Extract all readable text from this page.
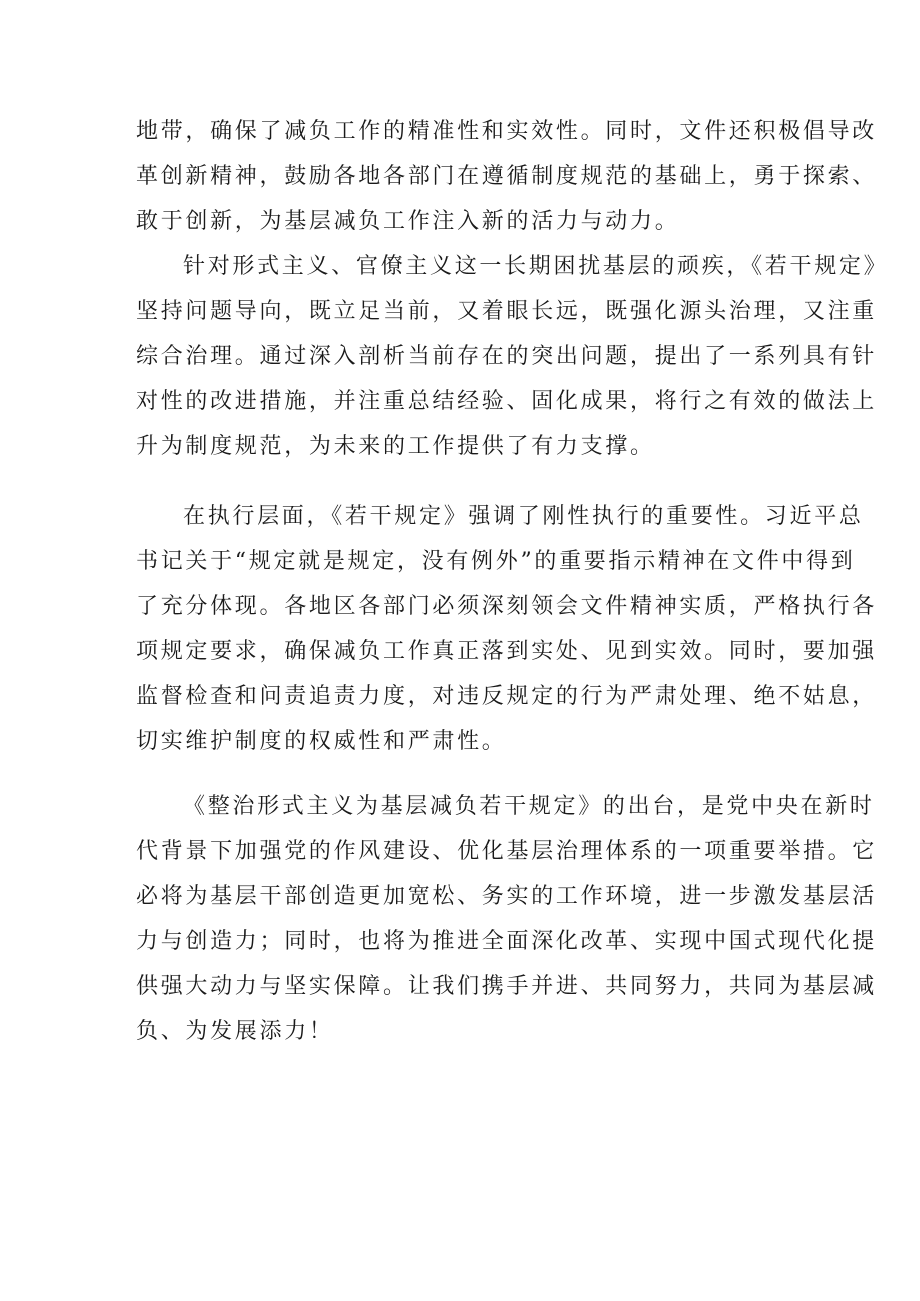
地带，确保了减负工作的精准性和实效性。同时，文件还积极倡导改

革创新精神，鼓励各地各部门在遵循制度规范的基础上，勇于探索、

敢于创新，为基层减负工作注入新的活力与动力。

针对形式主义、官僚主义这一长期困扰基层的顽疾，《若干规定》

坚持问题导向，既立足当前，又着眼长远，既强化源头治理，又注重

综合治理。通过深入剖析当前存在的突出问题，提出了一系列具有针

对性的改进措施，并注重总结经验、固化成果，将行之有效的做法上

升为制度规范，为未来的工作提供了有力支撑。

在执行层面，《若干规定》强调了刚性执行的重要性。习近平总

书记关于“规定就是规定，没有例外”的重要指示精神在文件中得到

了充分体现。各地区各部门必须深刻领会文件精神实质，严格执行各

项规定要求，确保减负工作真正落到实处、见到实效。同时，要加强

监督检查和问责追责力度，对违反规定的行为严肃处理、绝不姑息，

切实维护制度的权威性和严肃性。

《整治形式主义为基层减负若干规定》的出台，是党中央在新时

代背景下加强党的作风建设、优化基层治理体系的一项重要举措。它

必将为基层干部创造更加宽松、务实的工作环境，进一步激发基层活

力与创造力；同时，也将为推进全面深化改革、实现中国式现代化提

供强大动力与坚实保障。让我们携手并进、共同努力，共同为基层减

负、为发展添力！
